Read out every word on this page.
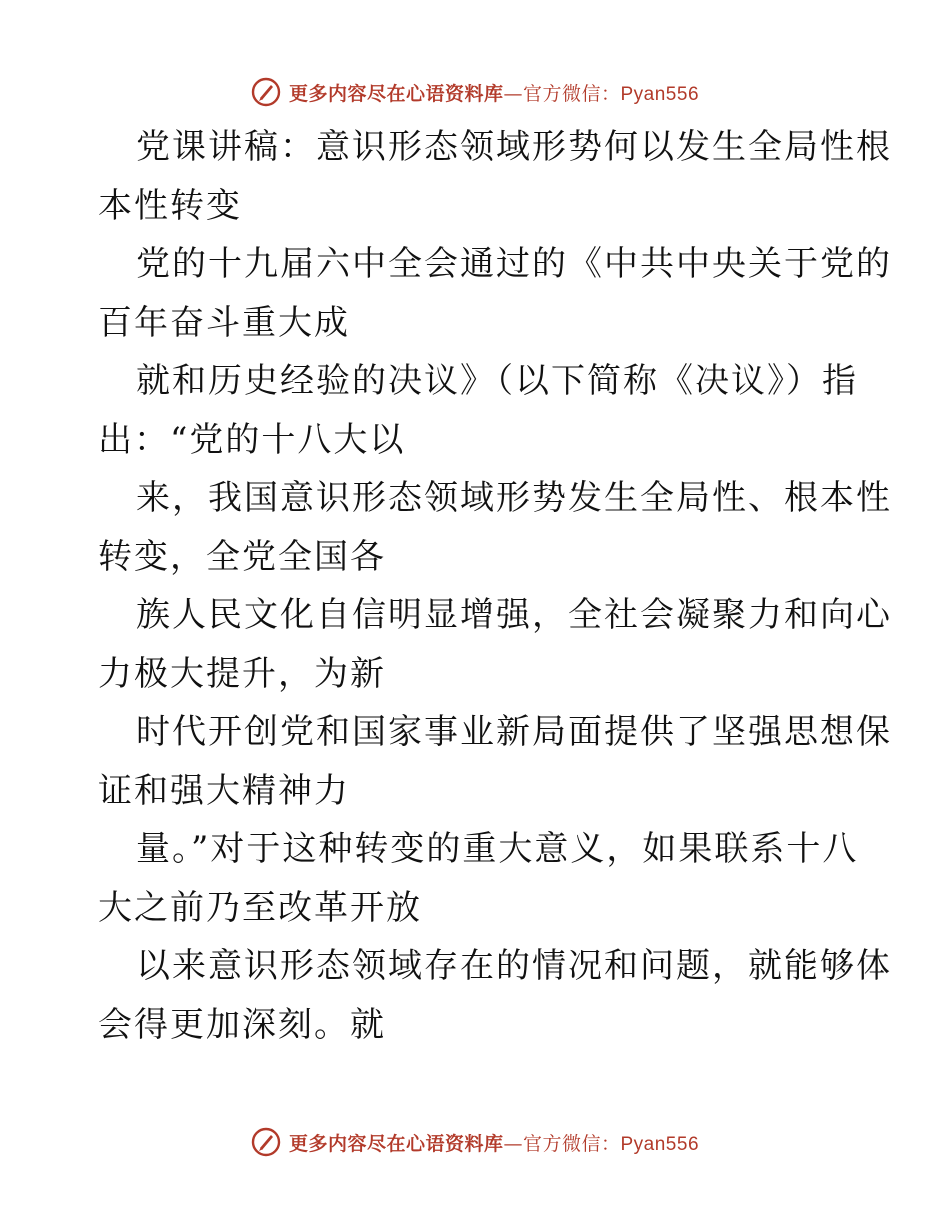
更多内容尽在心语资料库—官方微信：Pyan556
党课讲稿：意识形态领域形势何以发生全局性根
本性转变
党的十九届六中全会通过的《中共中央关于党的
百年奋斗重大成
就和历史经验的决议》（以下简称《决议》）指
出：“党的十八大以
来，我国意识形态领域形势发生全局性、根本性
转变，全党全国各
族人民文化自信明显增强，全社会凝聚力和向心
力极大提升，为新
时代开创党和国家事业新局面提供了坚强思想保
证和强大精神力
量。”对于这种转变的重大意义，如果联系十八
大之前乃至改革开放
以来意识形态领域存在的情况和问题，就能够体
会得更加深刻。就
更多内容尽在心语资料库—官方微信：Pyan556
